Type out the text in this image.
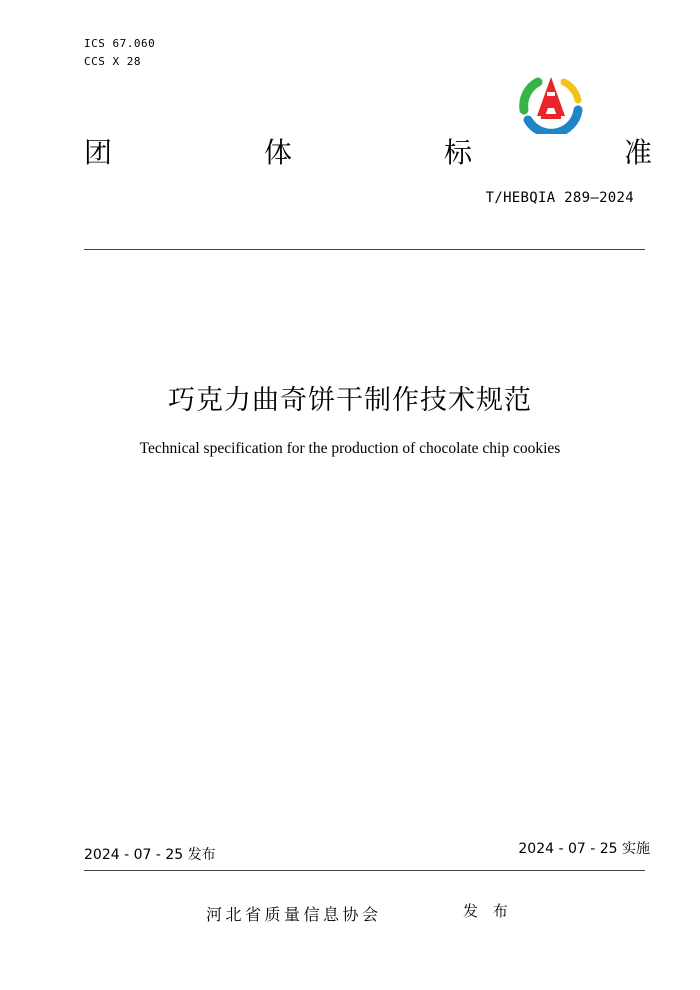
ICS 67.060
CCS X 28
团	体	标	准
T/HEBQIA 289—2024
巧克力曲奇饼干制作技术规范
Technical specification for the production of chocolate chip cookies
2024 - 07 - 25 发布	2024 - 07 - 25 实施
河北省质量信息协会	发 布
